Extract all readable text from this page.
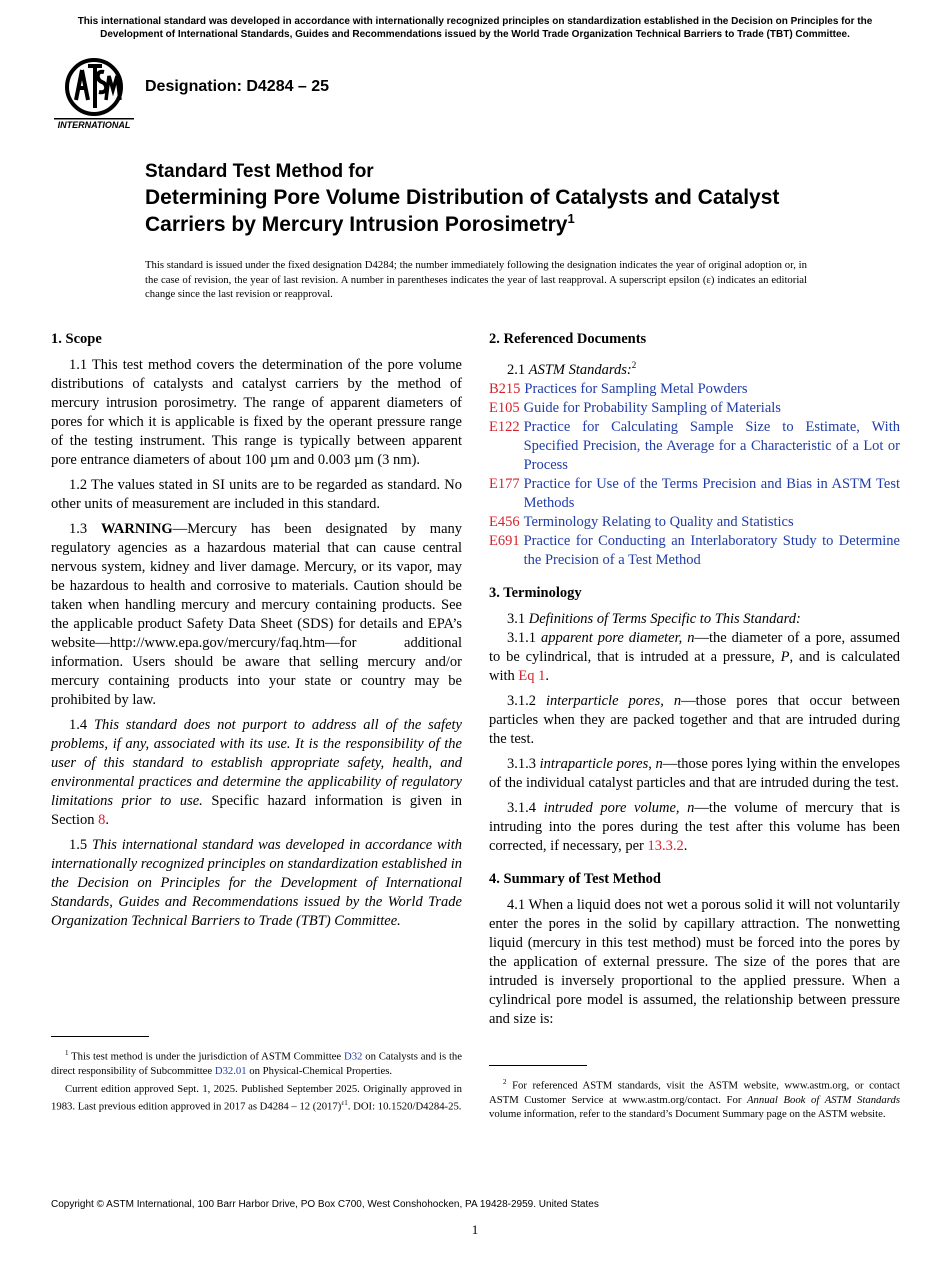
This international standard was developed in accordance with internationally recognized principles on standardization established in the Decision on Principles for the Development of International Standards, Guides and Recommendations issued by the World Trade Organization Technical Barriers to Trade (TBT) Committee.
INTERNATIONAL
Designation: D4284 – 25
Standard Test Method for
Determining Pore Volume Distribution of Catalysts and Catalyst Carriers by Mercury Intrusion Porosimetry$^1$
This standard is issued under the fixed designation D4284; the number immediately following the designation indicates the year of original adoption or, in the case of revision, the year of last revision. A number in parentheses indicates the year of last reapproval. A superscript epsilon (ε) indicates an editorial change since the last revision or reapproval.
1. Scope

1.1 This test method covers the determination of the pore volume distributions of catalysts and catalyst carriers by the method of mercury intrusion porosimetry. The range of apparent diameters of pores for which it is applicable is fixed by the operant pressure range of the testing instrument. This range is typically between apparent pore entrance diameters of about 100 µm and 0.003 µm (3 nm).

1.2 The values stated in SI units are to be regarded as standard. No other units of measurement are included in this standard.

1.3 WARNING—Mercury has been designated by many regulatory agencies as a hazardous material that can cause central nervous system, kidney and liver damage. Mercury, or its vapor, may be hazardous to health and corrosive to materials. Caution should be taken when handling mercury and mercury containing products. See the applicable product Safety Data Sheet (SDS) for details and EPA’s website—http://www.epa.gov/mercury/faq.htm—for additional information. Users should be aware that selling mercury and/or mercury containing products into your state or country may be prohibited by law.

1.4 This standard does not purport to address all of the safety problems, if any, associated with its use. It is the responsibility of the user of this standard to establish appropriate safety, health, and environmental practices and determine the applicability of regulatory limitations prior to use. Specific hazard information is given in Section 8.

1.5 This international standard was developed in accordance with internationally recognized principles on standardization established in the Decision on Principles for the Development of International Standards, Guides and Recommendations issued by the World Trade Organization Technical Barriers to Trade (TBT) Committee.

2. Referenced Documents

2.1 ASTM Standards:$^2$

B215 Practices for Sampling Metal Powders
E105 Guide for Probability Sampling of Materials
E122 Practice for Calculating Sample Size to Estimate, With Specified Precision, the Average for a Characteristic of a Lot or Process
E177 Practice for Use of the Terms Precision and Bias in ASTM Test Methods
E456 Terminology Relating to Quality and Statistics
E691 Practice for Conducting an Interlaboratory Study to Determine the Precision of a Test Method
3. Terminology

3.1 Definitions of Terms Specific to This Standard:

3.1.1 apparent pore diameter, n—the diameter of a pore, assumed to be cylindrical, that is intruded at a pressure, P, and is calculated with Eq 1.

3.1.2 interparticle pores, n—those pores that occur between particles when they are packed together and that are intruded during the test.

3.1.3 intraparticle pores, n—those pores lying within the envelopes of the individual catalyst particles and that are intruded during the test.

3.1.4 intruded pore volume, n—the volume of mercury that is intruding into the pores during the test after this volume has been corrected, if necessary, per 13.3.2.

4. Summary of Test Method

4.1 When a liquid does not wet a porous solid it will not voluntarily enter the pores in the solid by capillary attraction. The nonwetting liquid (mercury in this test method) must be forced into the pores by the application of external pressure. The size of the pores that are intruded is inversely proportional to the applied pressure. When a cylindrical pore model is assumed, the relationship between pressure and size is:

$^1$ This test method is under the jurisdiction of ASTM Committee D32 on Catalysts and is the direct responsibility of Subcommittee D32.01 on Physical-Chemical Properties.

Current edition approved Sept. 1, 2025. Published September 2025. Originally approved in 1983. Last previous edition approved in 2017 as D4284 – 12 $(2017)^{\varepsilon 1}$. DOI: 10.1520/D4284-25.

$^2$ For referenced ASTM standards, visit the ASTM website, www.astm.org, or contact ASTM Customer Service at www.astm.org/contact. For Annual Book of ASTM Standards volume information, refer to the standard’s Document Summary page on the ASTM website.

Copyright © ASTM International, 100 Barr Harbor Drive, PO Box C700, West Conshohocken, PA 19428-2959. United States
1
